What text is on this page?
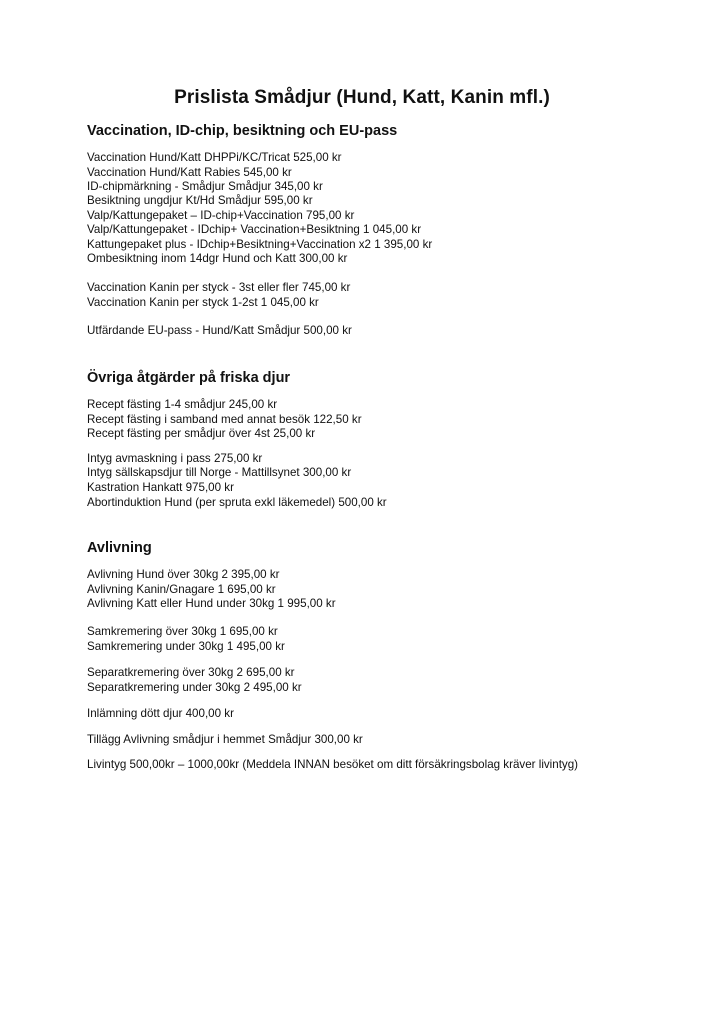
Prislista Smådjur (Hund, Katt, Kanin mfl.)
Vaccination, ID-chip, besiktning och EU-pass
Vaccination Hund/Katt DHPPi/KC/Tricat 525,00 kr
Vaccination Hund/Katt Rabies 545,00 kr
ID-chipmärkning - Smådjur Smådjur 345,00 kr
Besiktning ungdjur Kt/Hd Smådjur 595,00 kr
Valp/Kattungepaket – ID-chip+Vaccination 795,00 kr
Valp/Kattungepaket - IDchip+ Vaccination+Besiktning 1 045,00 kr
Kattungepaket plus - IDchip+Besiktning+Vaccination x2 1 395,00 kr
Ombesiktning inom 14dgr Hund och Katt 300,00 kr
Vaccination Kanin per styck - 3st eller fler 745,00 kr
Vaccination Kanin per styck 1-2st 1 045,00 kr
Utfärdande EU-pass - Hund/Katt Smådjur 500,00 kr
Övriga åtgärder på friska djur
Recept fästing 1-4 smådjur 245,00 kr
Recept fästing i samband med annat besök 122,50 kr
Recept fästing per smådjur över 4st 25,00 kr
Intyg avmaskning i pass 275,00 kr
Intyg sällskapsdjur till Norge - Mattillsynet 300,00 kr
Kastration Hankatt 975,00 kr
Abortinduktion Hund (per spruta exkl läkemedel) 500,00 kr
Avlivning
Avlivning Hund över 30kg 2 395,00 kr
Avlivning Kanin/Gnagare 1 695,00 kr
Avlivning Katt eller Hund under 30kg 1 995,00 kr
Samkremering över 30kg 1 695,00 kr
Samkremering under 30kg 1 495,00 kr
Separatkremering över 30kg 2 695,00 kr
Separatkremering under 30kg 2 495,00 kr
Inlämning dött djur 400,00 kr
Tillägg Avlivning smådjur i hemmet Smådjur 300,00 kr
Livintyg 500,00kr – 1000,00kr (Meddela INNAN besöket om ditt försäkringsbolag kräver livintyg)
